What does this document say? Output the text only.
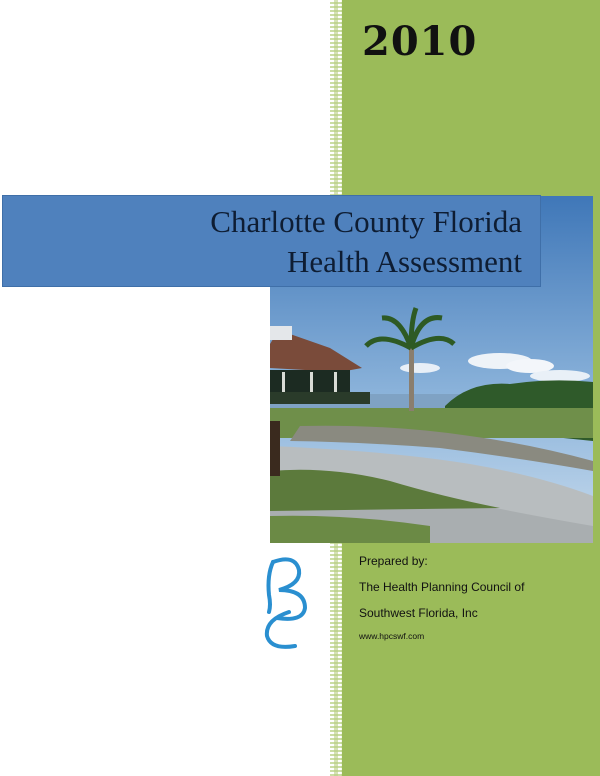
2010
Charlotte County Florida
Health Assessment
Prepared by:
The Health Planning Council of
Southwest Florida, Inc
www.hpcswf.com
